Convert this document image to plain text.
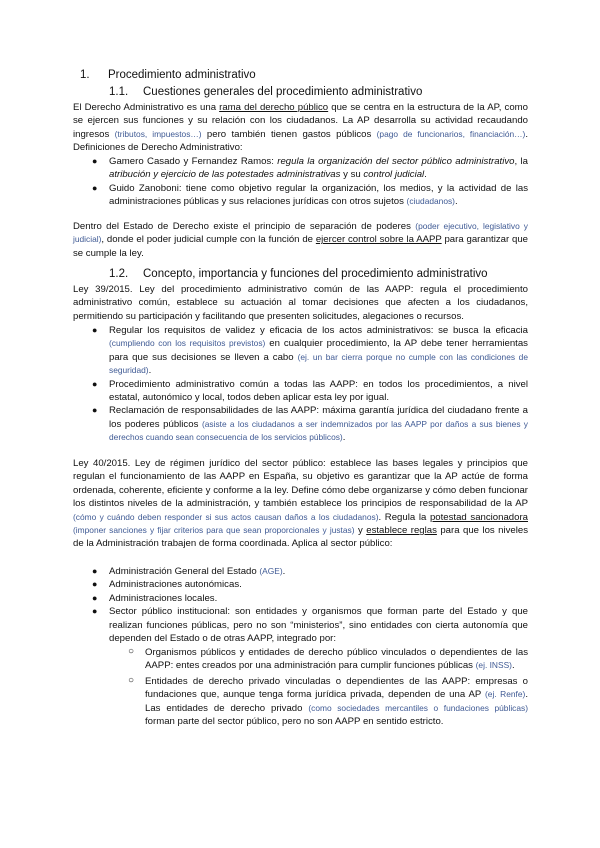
1. Procedimiento administrativo
1.1. Cuestiones generales del procedimiento administrativo
El Derecho Administrativo es una rama del derecho público que se centra en la estructura de la AP, como se ejercen sus funciones y su relación con los ciudadanos. La AP desarrolla su actividad recaudando ingresos (tributos, impuestos…) pero también tienen gastos públicos (pago de funcionarios, financiación…). Definiciones de Derecho Administrativo:
● Gamero Casado y Fernandez Ramos: regula la organización del sector público administrativo, la atribución y ejercicio de las potestades administrativas y su control judicial.
● Guido Zanoboni: tiene como objetivo regular la organización, los medios, y la actividad de las administraciones públicas y sus relaciones jurídicas con otros sujetos (ciudadanos).
Dentro del Estado de Derecho existe el principio de separación de poderes (poder ejecutivo, legislativo y judicial), donde el poder judicial cumple con la función de ejercer control sobre la AAPP para garantizar que se cumple la ley.
1.2. Concepto, importancia y funciones del procedimiento administrativo
Ley 39/2015. Ley del procedimiento administrativo común de las AAPP: regula el procedimiento administrativo común, establece su actuación al tomar decisiones que afecten a los ciudadanos, permitiendo su participación y facilitando que presenten solicitudes, alegaciones o recursos.
● Regular los requisitos de validez y eficacia de los actos administrativos: se busca la eficacia (cumpliendo con los requisitos previstos) en cualquier procedimiento, la AP debe tener herramientas para que sus decisiones se lleven a cabo (ej. un bar cierra porque no cumple con las condiciones de seguridad).
● Procedimiento administrativo común a todas las AAPP: en todos los procedimientos, a nivel estatal, autonómico y local, todos deben aplicar esta ley por igual.
● Reclamación de responsabilidades de las AAPP: máxima garantía jurídica del ciudadano frente a los poderes públicos (asiste a los ciudadanos a ser indemnizados por las AAPP por daños a sus bienes y derechos cuando sean consecuencia de los servicios públicos).
Ley 40/2015. Ley de régimen jurídico del sector público: establece las bases legales y principios que regulan el funcionamiento de las AAPP en España, su objetivo es garantizar que la AP actúe de forma ordenada, coherente, eficiente y conforme a la ley. Define cómo debe organizarse y cómo deben funcionar los distintos niveles de la administración, y también establece los principios de responsabilidad de la AP (cómo y cuándo deben responder si sus actos causan daños a los ciudadanos). Regula la potestad sancionadora (imponer sanciones y fijar criterios para que sean proporcionales y justas) y establece reglas para que los niveles de la Administración trabajen de forma coordinada. Aplica al sector público:
● Administración General del Estado (AGE).
● Administraciones autonómicas.
● Administraciones locales.
● Sector público institucional: son entidades y organismos que forman parte del Estado y que realizan funciones públicas, pero no son “ministerios”, sino entidades con cierta autonomía que dependen del Estado o de otras AAPP, integrado por:
○ Organismos públicos y entidades de derecho público vinculados o dependientes de las AAPP: entes creados por una administración para cumplir funciones públicas (ej. INSS).
○ Entidades de derecho privado vinculadas o dependientes de las AAPP: empresas o fundaciones que, aunque tenga forma jurídica privada, dependen de una AP (ej. Renfe). Las entidades de derecho privado (como sociedades mercantiles o fundaciones públicas) forman parte del sector público, pero no son AAPP en sentido estricto.
